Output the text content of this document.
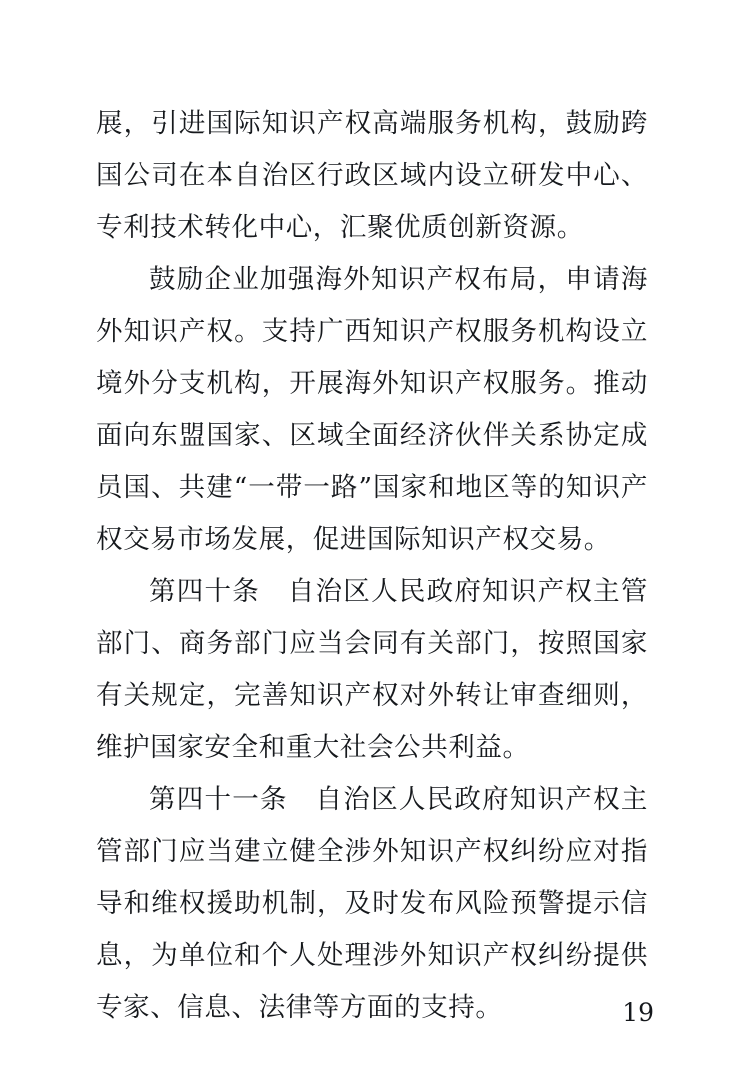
展，引进国际知识产权高端服务机构，鼓励跨国公司在本自治区行政区域内设立研发中心、专利技术转化中心，汇聚优质创新资源。

鼓励企业加强海外知识产权布局，申请海外知识产权。支持广西知识产权服务机构设立境外分支机构，开展海外知识产权服务。推动面向东盟国家、区域全面经济伙伴关系协定成员国、共建“一带一路”国家和地区等的知识产权交易市场发展，促进国际知识产权交易。

第四十条　自治区人民政府知识产权主管部门、商务部门应当会同有关部门，按照国家有关规定，完善知识产权对外转让审查细则，维护国家安全和重大社会公共利益。

第四十一条　自治区人民政府知识产权主管部门应当建立健全涉外知识产权纠纷应对指导和维权援助机制，及时发布风险预警提示信息，为单位和个人处理涉外知识产权纠纷提供专家、信息、法律等方面的支持。	19
